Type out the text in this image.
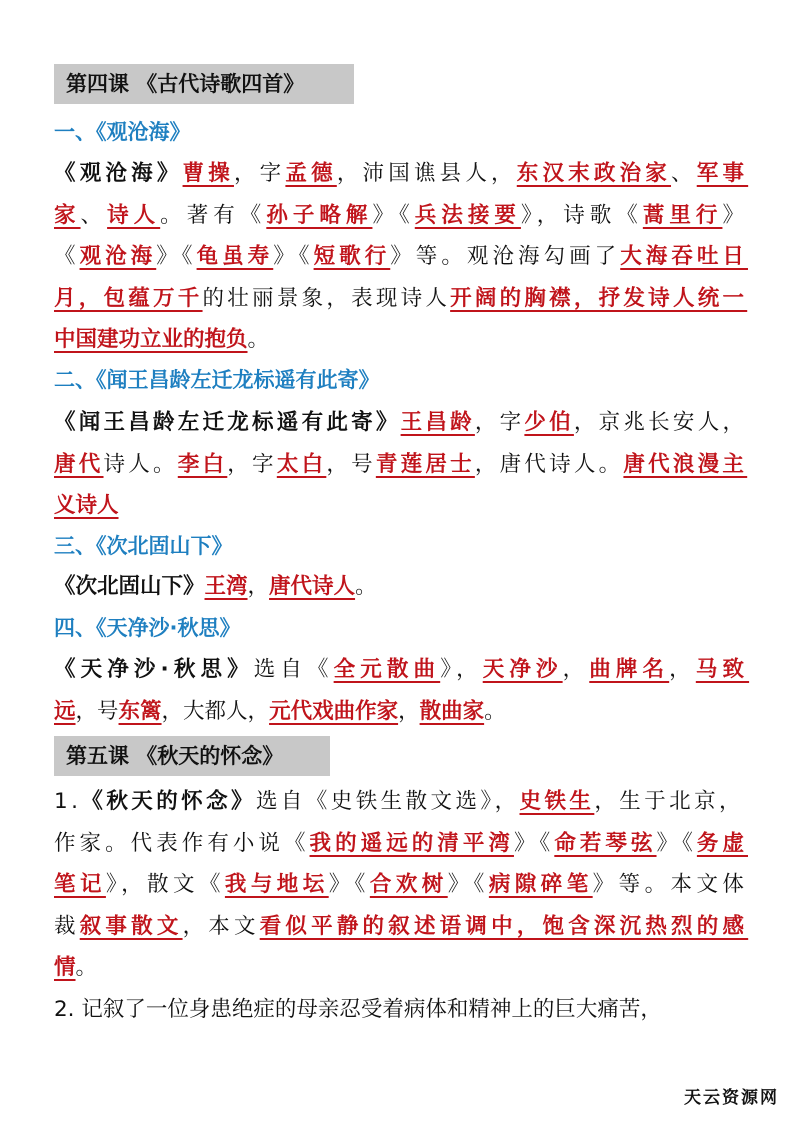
第四课 《古代诗歌四首》
一、《观沧海》
《观沧海》 曹操 ，字 孟德 ，沛国谯县人， 东汉末政治家 、 军事
家 、 诗人 。著有《 孙子略解 》《 兵法接要 》，诗歌《 蒿里行 》
《 观沧海 》《 龟虽寿 》《 短歌行 》等。观沧海勾画了 大海吞吐日
月，包蕴万千 的壮丽景象，表现诗人 开阔的胸襟，抒发诗人统一
中国建功立业的抱负 。
二、《闻王昌龄左迁龙标遥有此寄》
《闻王昌龄左迁龙标遥有此寄》 王昌龄 ，字 少伯 ，京兆长安人，
唐代 诗人。 李白 ，字 太白 ，号 青莲居士 ，唐代诗人。 唐代浪漫主
义诗人
三、《次北固山下》
《次北固山下》 王湾 ， 唐代诗人 。
四、《天净沙·秋思》
《天净沙·秋思》 选自《 全元散曲 》， 天净沙 ， 曲牌名 ， 马致
远 ，号 东篱 ，大都人， 元代戏曲作家 ， 散曲家 。
第五课 《秋天的怀念》
1. 《秋天的怀念》 选自《史铁生散文选》， 史铁生 ，生于北京，
作家。代表作有小说《 我的遥远的清平湾 》《 命若琴弦 》《 务虚
笔记 》，散文《 我与地坛 》《 合欢树 》《 病隙碎笔 》等。本文体
裁 叙事散文 ，本文 看似平静的叙述语调中，饱含深沉热烈的感
情 。
2. 记叙了一位身患绝症的母亲忍受着病体和精神上的巨大痛苦，
天云资源网
